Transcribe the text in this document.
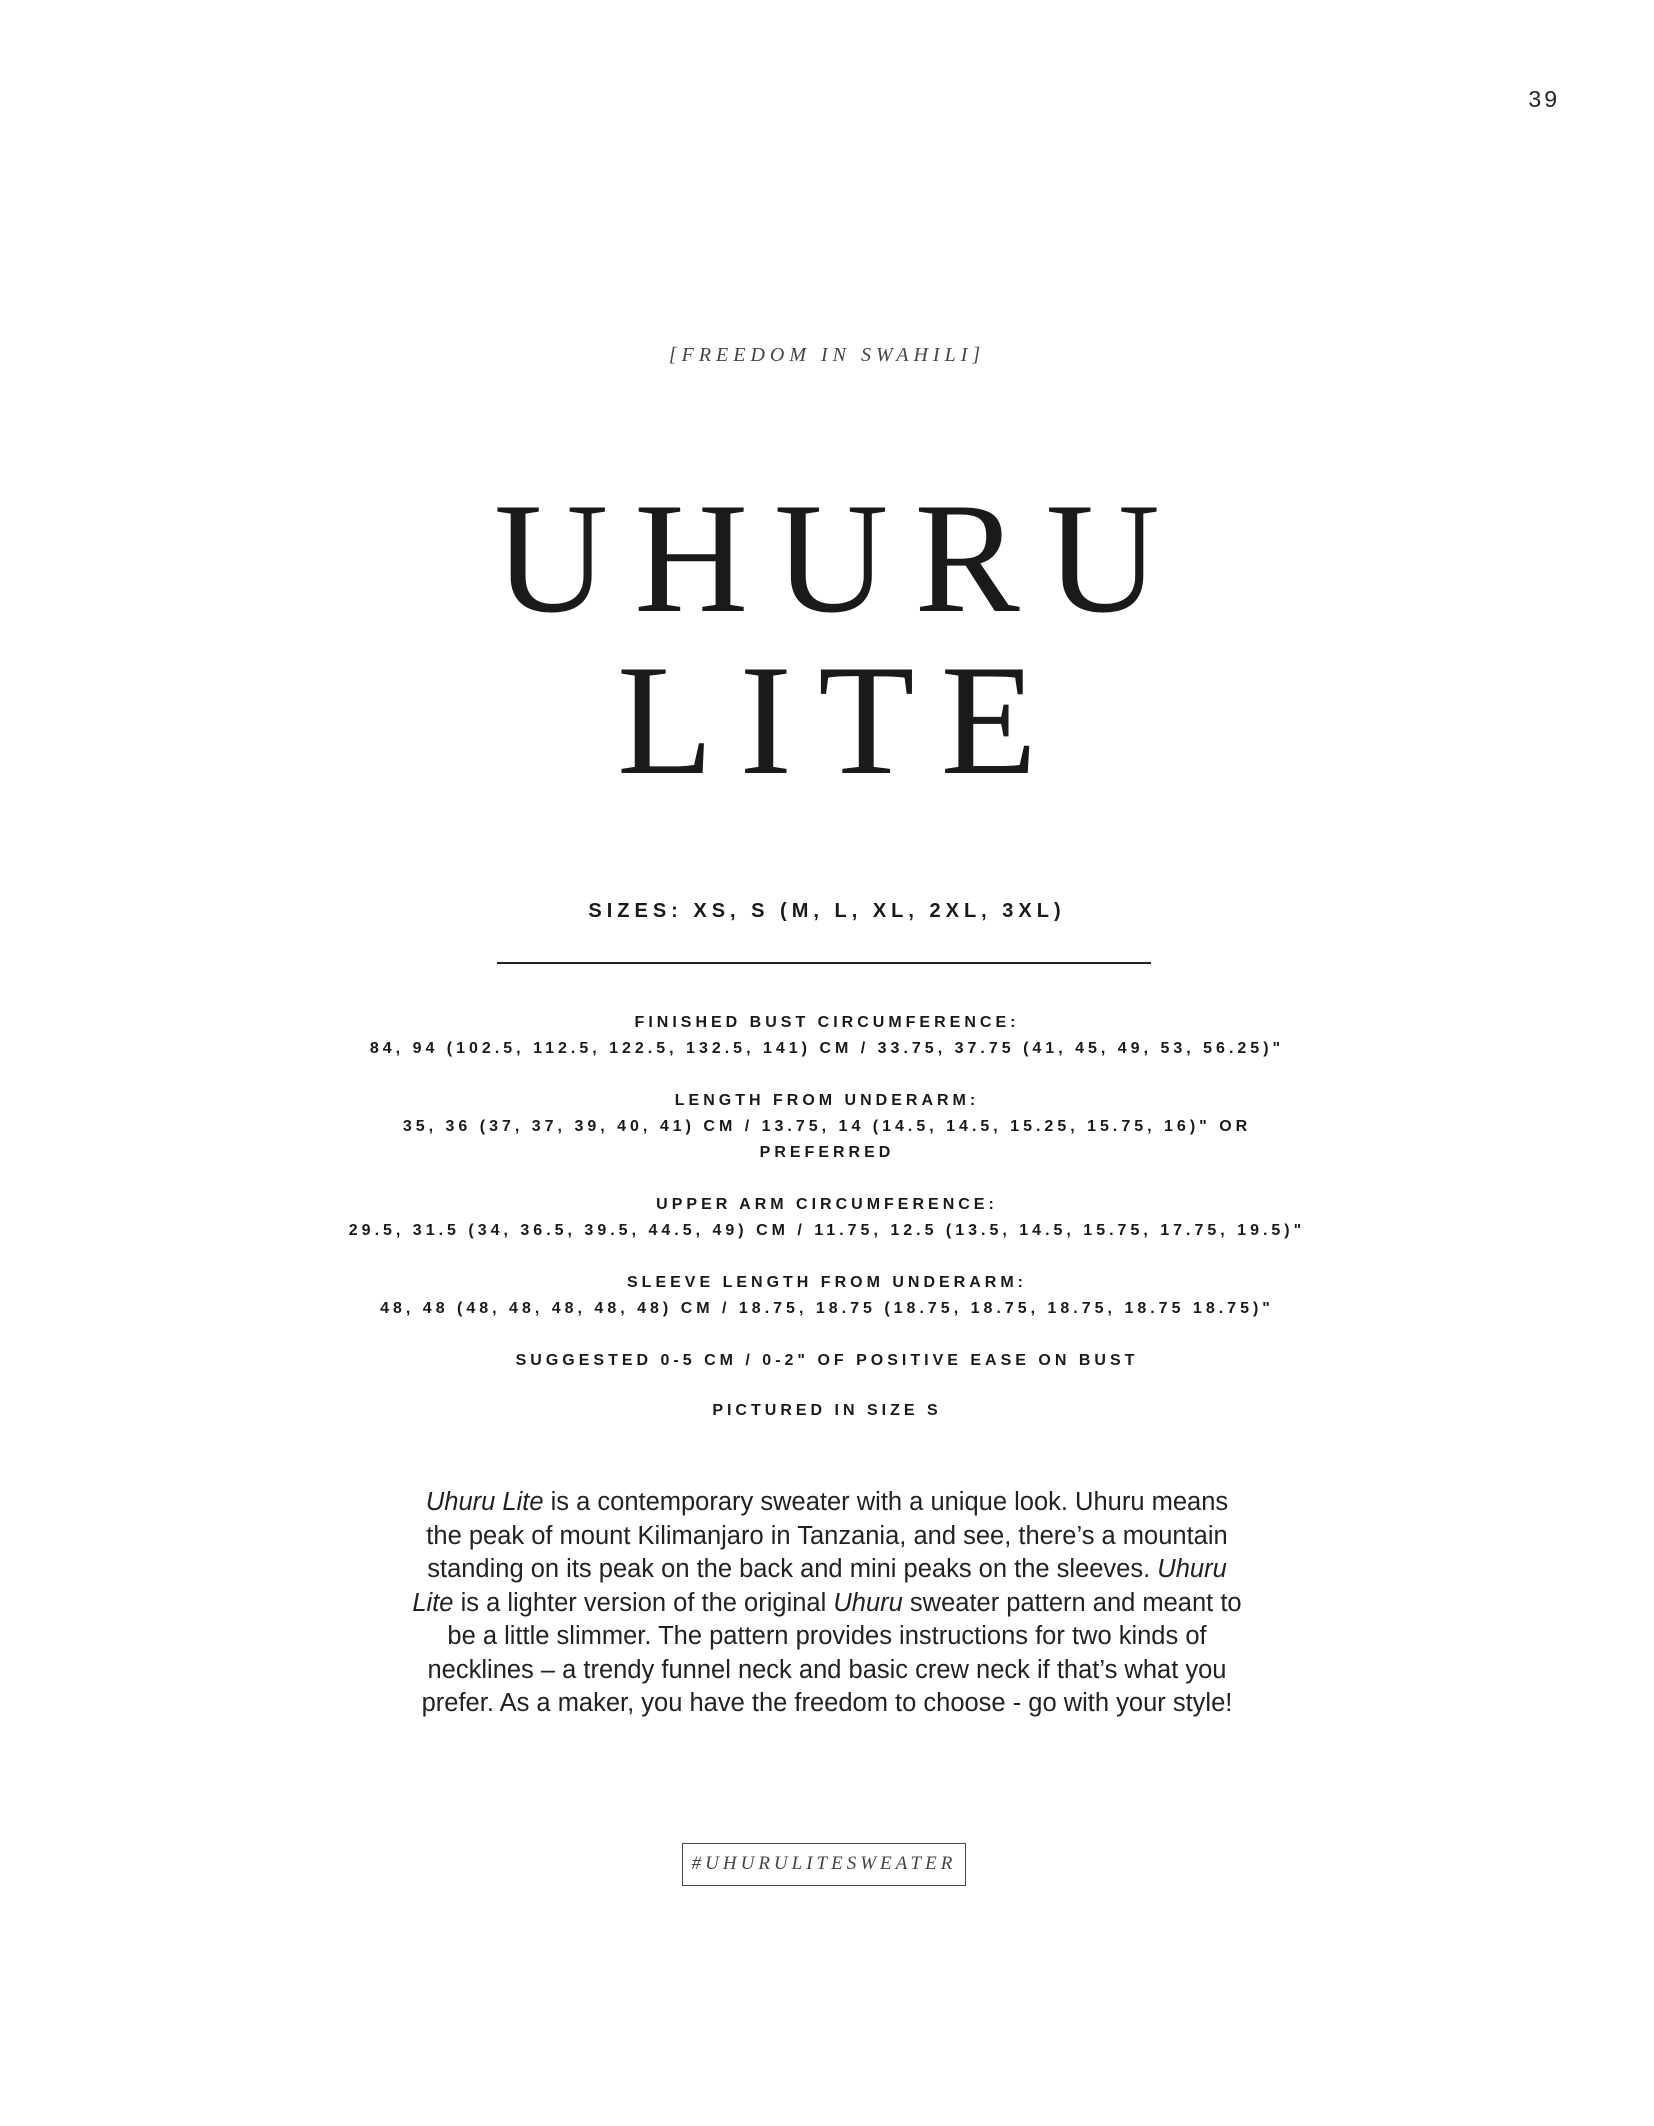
39
[FREEDOM IN SWAHILI]
UHURU
LITE
SIZES: XS, S (M, L, XL, 2XL, 3XL)
FINISHED BUST CIRCUMFERENCE:
84, 94 (102.5, 112.5, 122.5, 132.5, 141) CM / 33.75, 37.75 (41, 45, 49, 53, 56.25)"
LENGTH FROM UNDERARM:
35, 36 (37, 37, 39, 40, 41) CM / 13.75, 14 (14.5, 14.5, 15.25, 15.75, 16)" OR PREFERRED
UPPER ARM CIRCUMFERENCE:
29.5, 31.5 (34, 36.5, 39.5, 44.5, 49) CM / 11.75, 12.5 (13.5, 14.5, 15.75, 17.75, 19.5)"
SLEEVE LENGTH FROM UNDERARM:
48, 48 (48, 48, 48, 48, 48) CM / 18.75, 18.75 (18.75, 18.75, 18.75, 18.75 18.75)"
SUGGESTED 0-5 CM / 0-2" OF POSITIVE EASE ON BUST
PICTURED IN SIZE S

Uhuru Lite is a contemporary sweater with a unique look. Uhuru means the peak of mount Kilimanjaro in Tanzania, and see, there’s a mountain standing on its peak on the back and mini peaks on the sleeves. Uhuru Lite is a lighter version of the original Uhuru sweater pattern and meant to be a little slimmer. The pattern provides instructions for two kinds of necklines – a trendy funnel neck and basic crew neck if that’s what you prefer. As a maker, you have the freedom to choose - go with your style!

#UHURULITESWEATER
